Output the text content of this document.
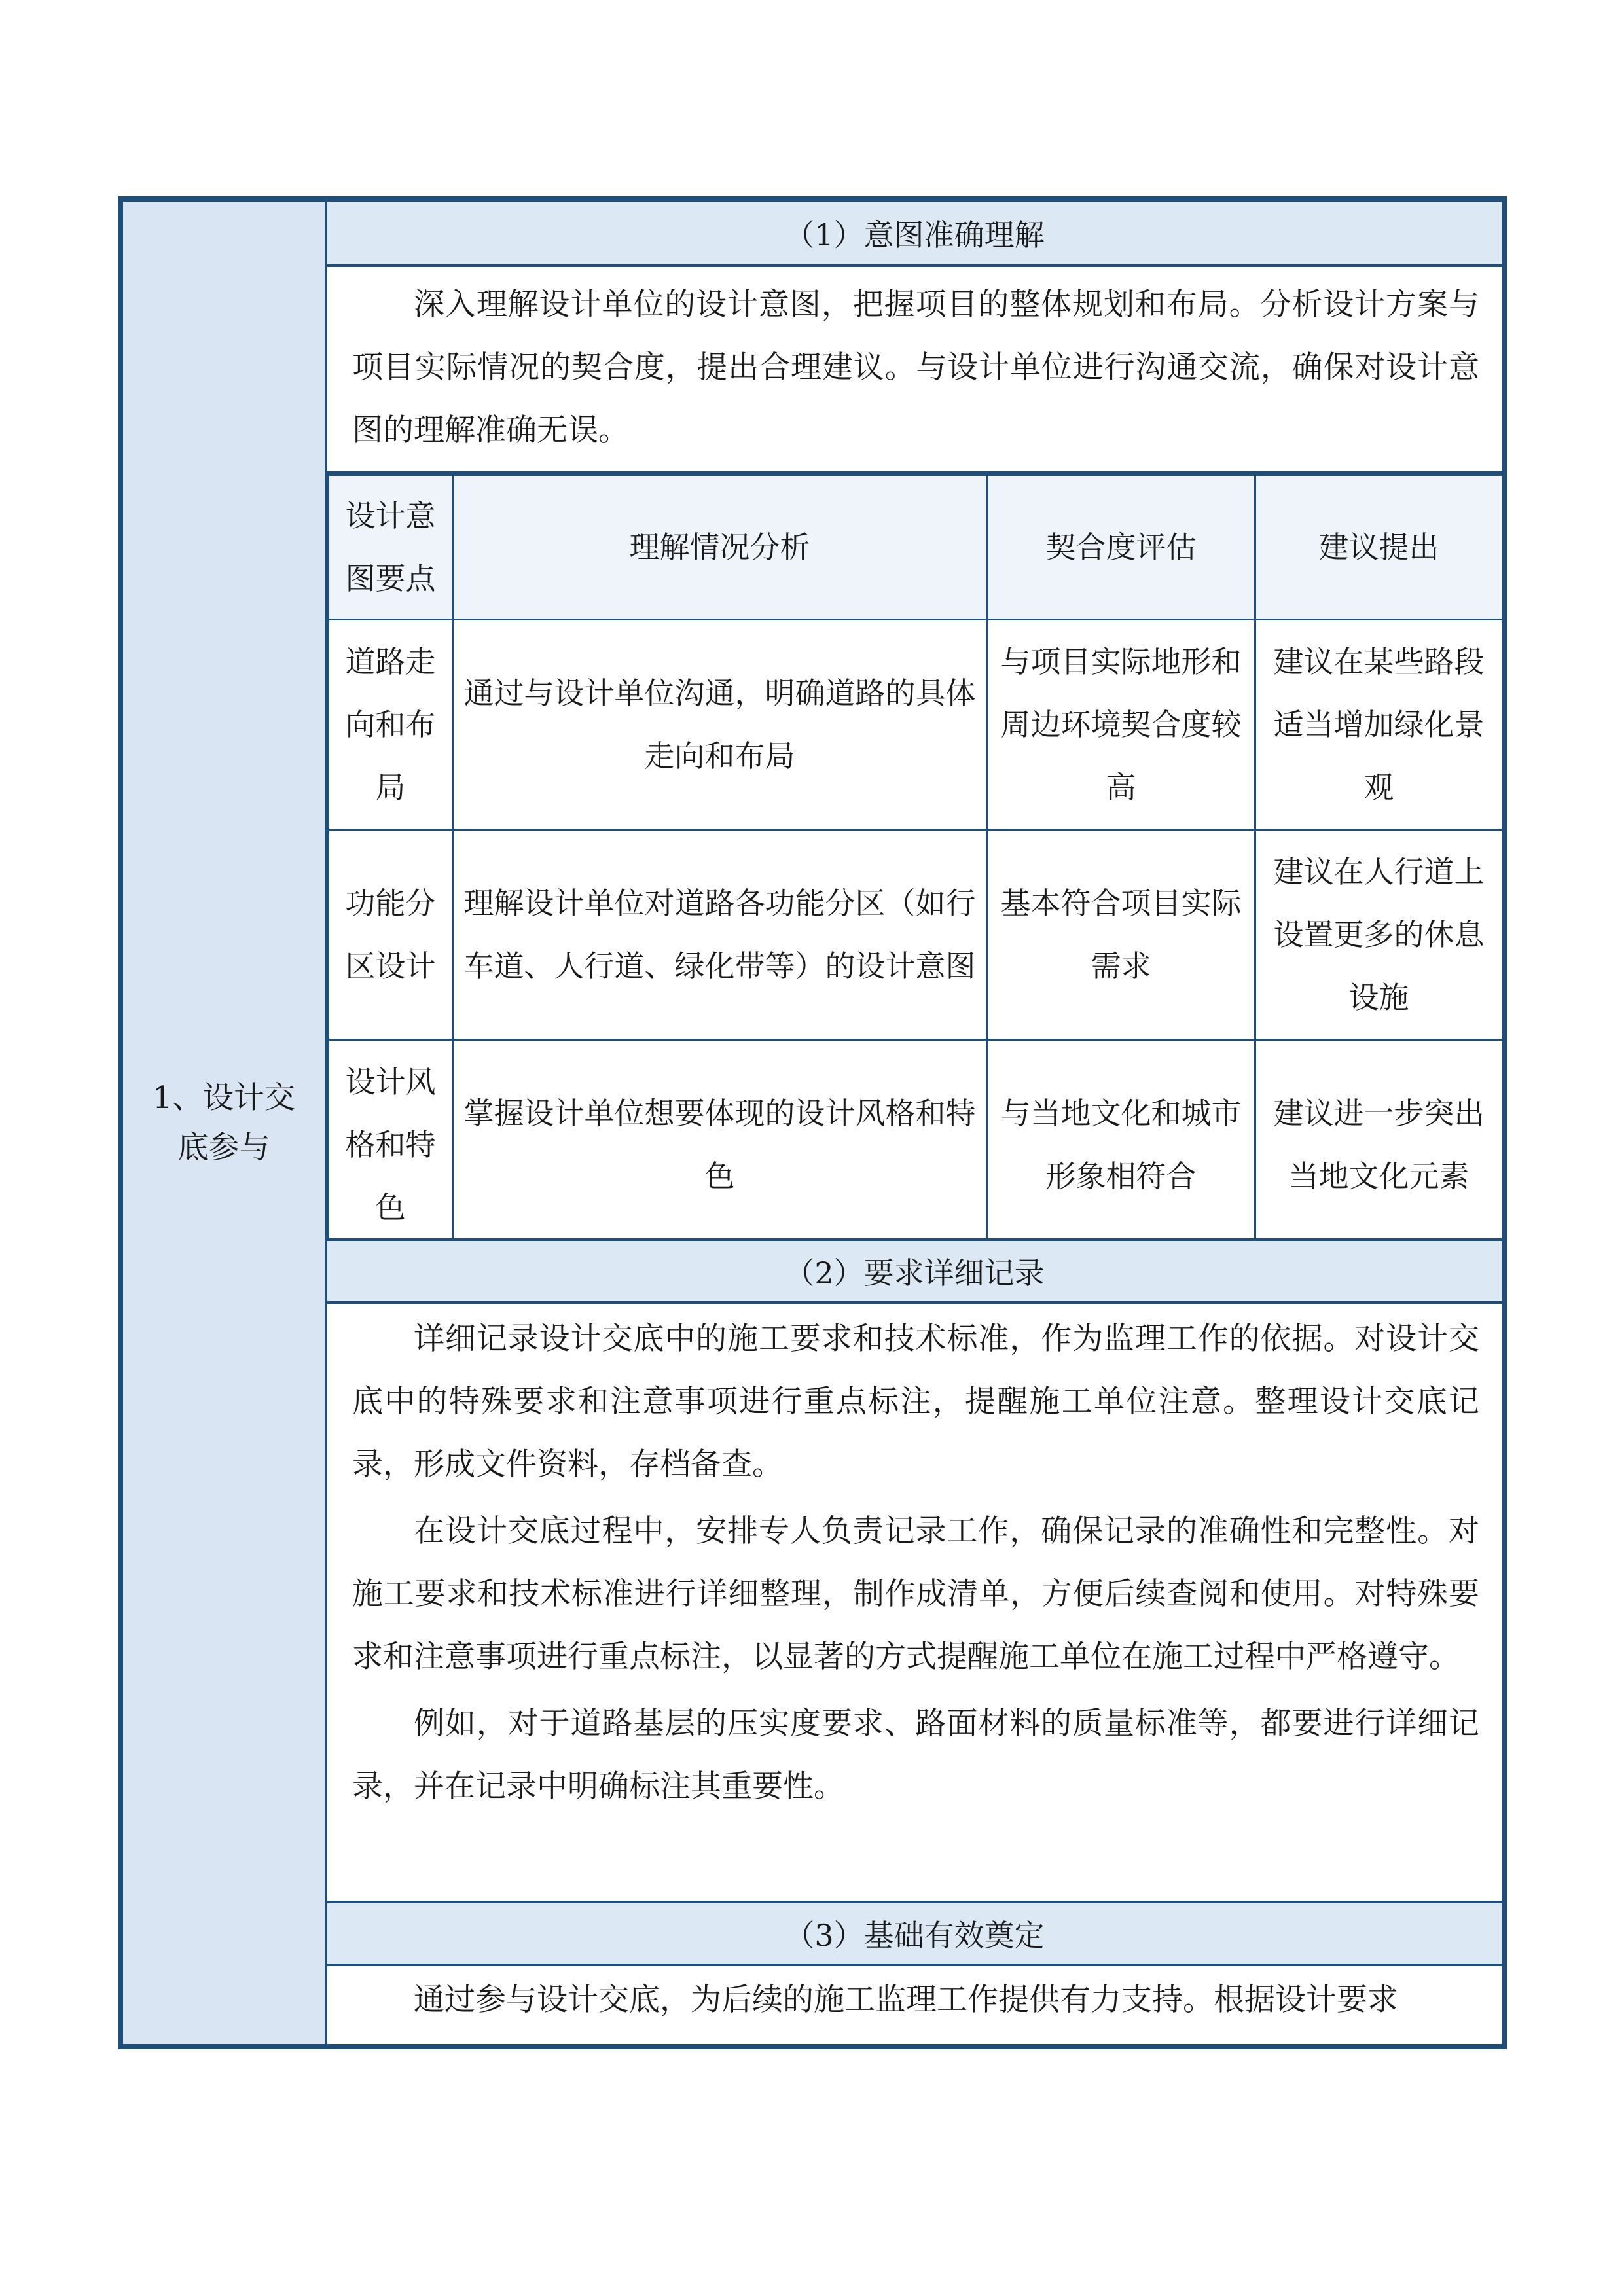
1、设计交底参与
（1）意图准确理解

深入理解设计单位的设计意图，把握项目的整体规划和布局。分析设计方案与项目实际情况的契合度，提出合理建议。与设计单位进行沟通交流，确保对设计意图的理解准确无误。

设计意图要点	理解情况分析	契合度评估	建议提出
道路走向和布局	通过与设计单位沟通，明确道路的具体走向和布局	与项目实际地形和周边环境契合度较高	建议在某些路段适当增加绿化景观
功能分区设计	理解设计单位对道路各功能分区（如行车道、人行道、绿化带等）的设计意图	基本符合项目实际需求	建议在人行道上设置更多的休息设施
设计风格和特色	掌握设计单位想要体现的设计风格和特色	与当地文化和城市形象相符合	建议进一步突出当地文化元素
（2）要求详细记录

详细记录设计交底中的施工要求和技术标准，作为监理工作的依据。对设计交底中的特殊要求和注意事项进行重点标注，提醒施工单位注意。整理设计交底记录，形成文件资料，存档备查。

在设计交底过程中，安排专人负责记录工作，确保记录的准确性和完整性。对施工要求和技术标准进行详细整理，制作成清单，方便后续查阅和使用。对特殊要求和注意事项进行重点标注，以显著的方式提醒施工单位在施工过程中严格遵守。

例如，对于道路基层的压实度要求、路面材料的质量标准等，都要进行详细记录，并在记录中明确标注其重要性。

（3）基础有效奠定

通过参与设计交底，为后续的施工监理工作提供有力支持。根据设计要求
